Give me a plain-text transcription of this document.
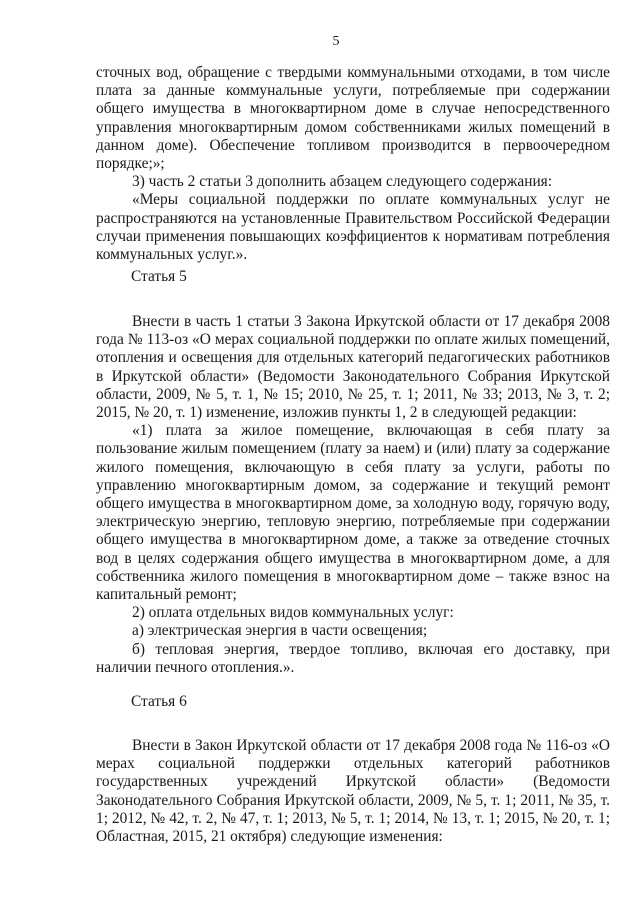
5

сточных вод, обращение с твердыми коммунальными отходами, в том числе плата за данные коммунальные услуги, потребляемые при содержании общего имущества в многоквартирном доме в случае непосредственного управления многоквартирным домом собственниками жилых помещений в данном доме). Обеспечение топливом производится в первоочередном порядке;»;

3) часть 2 статьи 3 дополнить абзацем следующего содержания:

«Меры социальной поддержки по оплате коммунальных услуг не распространяются на установленные Правительством Российской Федерации случаи применения повышающих коэффициентов к нормативам потребления коммунальных услуг.».

Статья 5

Внести в часть 1 статьи 3 Закона Иркутской области от 17 декабря 2008 года № 113-оз «О мерах социальной поддержки по оплате жилых помещений, отопления и освещения для отдельных категорий педагогических работников в Иркутской области» (Ведомости Законодательного Собрания Иркутской области, 2009, № 5, т. 1, № 15; 2010, № 25, т. 1; 2011, № 33; 2013, № 3, т. 2; 2015, № 20, т. 1) изменение, изложив пункты 1, 2 в следующей редакции:

«1) плата за жилое помещение, включающая в себя плату за пользование жилым помещением (плату за наем) и (или) плату за содержание жилого помещения, включающую в себя плату за услуги, работы по управлению многоквартирным домом, за содержание и текущий ремонт общего имущества в многоквартирном доме, за холодную воду, горячую воду, электрическую энергию, тепловую энергию, потребляемые при содержании общего имущества в многоквартирном доме, а также за отведение сточных вод в целях содержания общего имущества в многоквартирном доме, а для собственника жилого помещения в многоквартирном доме – также взнос на капитальный ремонт;

2) оплата отдельных видов коммунальных услуг:

а) электрическая энергия в части освещения;

б) тепловая энергия, твердое топливо, включая его доставку, при наличии печного отопления.».

Статья 6

Внести в Закон Иркутской области от 17 декабря 2008 года № 116-оз «О мерах социальной поддержки отдельных категорий работников государственных учреждений Иркутской области» (Ведомости Законодательного Собрания Иркутской области, 2009, № 5, т. 1; 2011, № 35, т. 1; 2012, № 42, т. 2, № 47, т. 1; 2013, № 5, т. 1; 2014, № 13, т. 1; 2015, № 20, т. 1; Областная, 2015, 21 октября) следующие изменения:
